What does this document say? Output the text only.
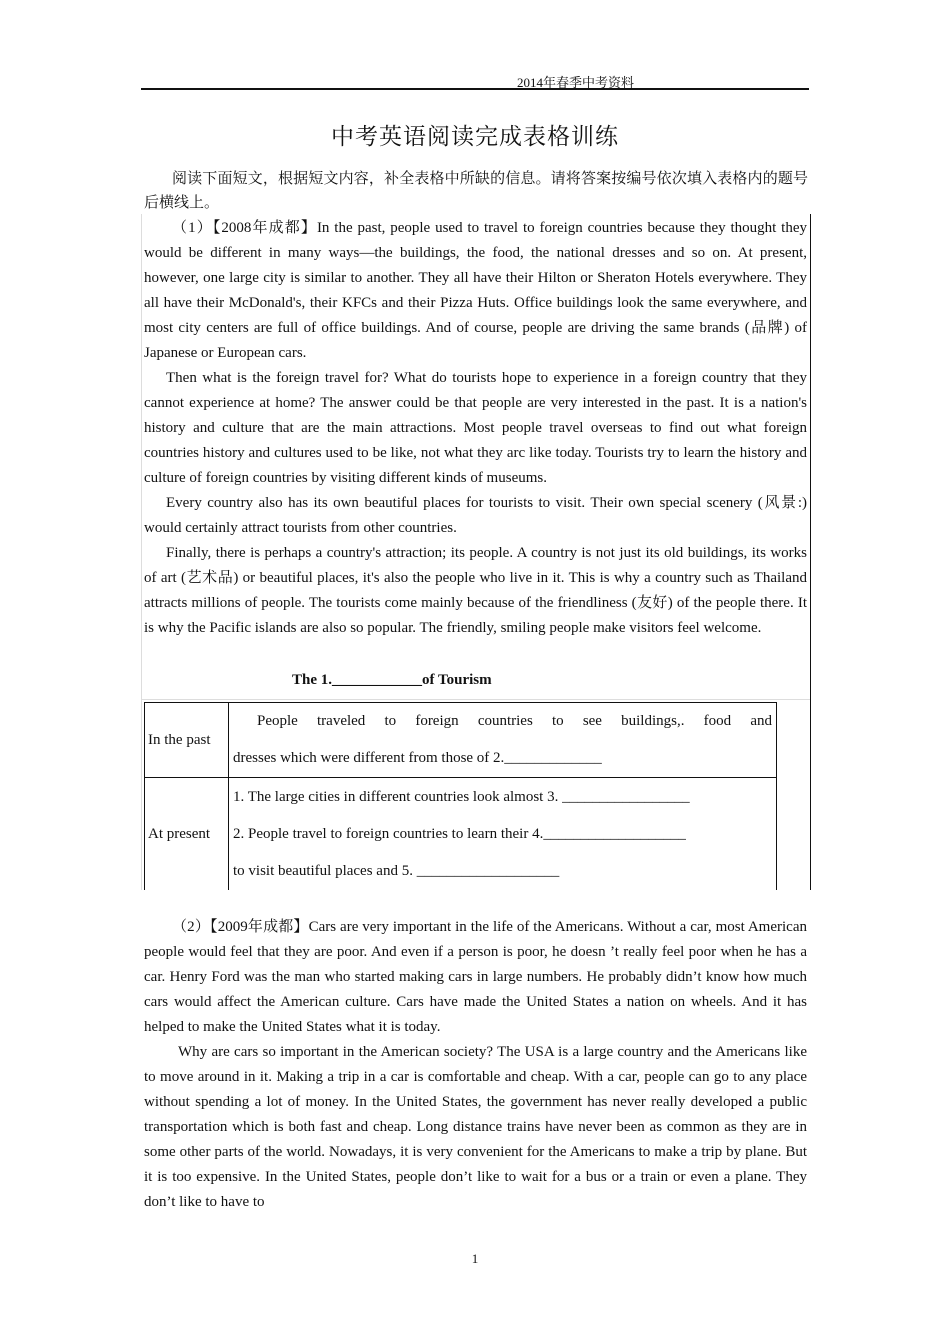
2014年春季中考资料
中考英语阅读完成表格训练
阅读下面短文，根据短文内容，补全表格中所缺的信息。请将答案按编号依次填入表格内的题号后横线上。

（1）【2008年成都】In the past, people used to travel to foreign countries because they thought they would be different in many ways—the buildings, the food, the national dresses and so on. At present, however, one large city is similar to another. They all have their Hilton or Sheraton Hotels everywhere. They all have their McDonald's, their KFCs and their Pizza Huts. Office buildings look the same everywhere, and most city centers are full of office buildings. And of course, people are driving the same brands (品牌) of Japanese or European cars.

Then what is the foreign travel for? What do tourists hope to experience in a foreign country that they cannot experience at home? The answer could be that people are very interested in the past. It is a nation's history and culture that are the main attractions. Most people travel overseas to find out what foreign countries history and cultures used to be like, not what they arc like today. Tourists try to learn the history and culture of foreign countries by visiting different kinds of museums.

Every country also has its own beautiful places for tourists to visit. Their own special scenery (风景:) would certainly attract tourists from other countries.

Finally, there is perhaps a country's attraction; its people. A country is not just its old buildings, its works of art (艺术品) or beautiful places, it's also the people who live in it. This is why a country such as Thailand attracts millions of people. The tourists come mainly because of the friendliness (友好) of the people there. It is why the Pacific islands are also so popular. The friendly, smiling people make visitors feel welcome.

The 1.____________of Tourism
In the past	People traveled to foreign countries to see buildings,. food and
dresses which were different from those of 2._____________

At present	1. The large cities in different countries look almost 3. _________________
2. People travel to foreign countries to learn their 4.___________________
to visit beautiful places and 5. ___________________

（2）【2009年成都】Cars are very important in the life of the Americans. Without a car, most American people would feel that they are poor. And even if a person is poor, he doesn ’t really feel poor when he has a car. Henry Ford was the man who started making cars in large numbers. He probably didn’t know how much cars would affect the American culture. Cars have made the United States a nation on wheels. And it has helped to make the United States what it is today.

Why are cars so important in the American society? The USA is a large country and the Americans like to move around in it. Making a trip in a car is comfortable and cheap. With a car, people can go to any place without spending a lot of money. In the United States, the government has never really developed a public transportation which is both fast and cheap. Long distance trains have never been as common as they are in some other parts of the world. Nowadays, it is very convenient for the Americans to make a trip by plane. But it is too expensive. In the United States, people don’t like to wait for a bus or a train or even a plane. They don’t like to have to

1
